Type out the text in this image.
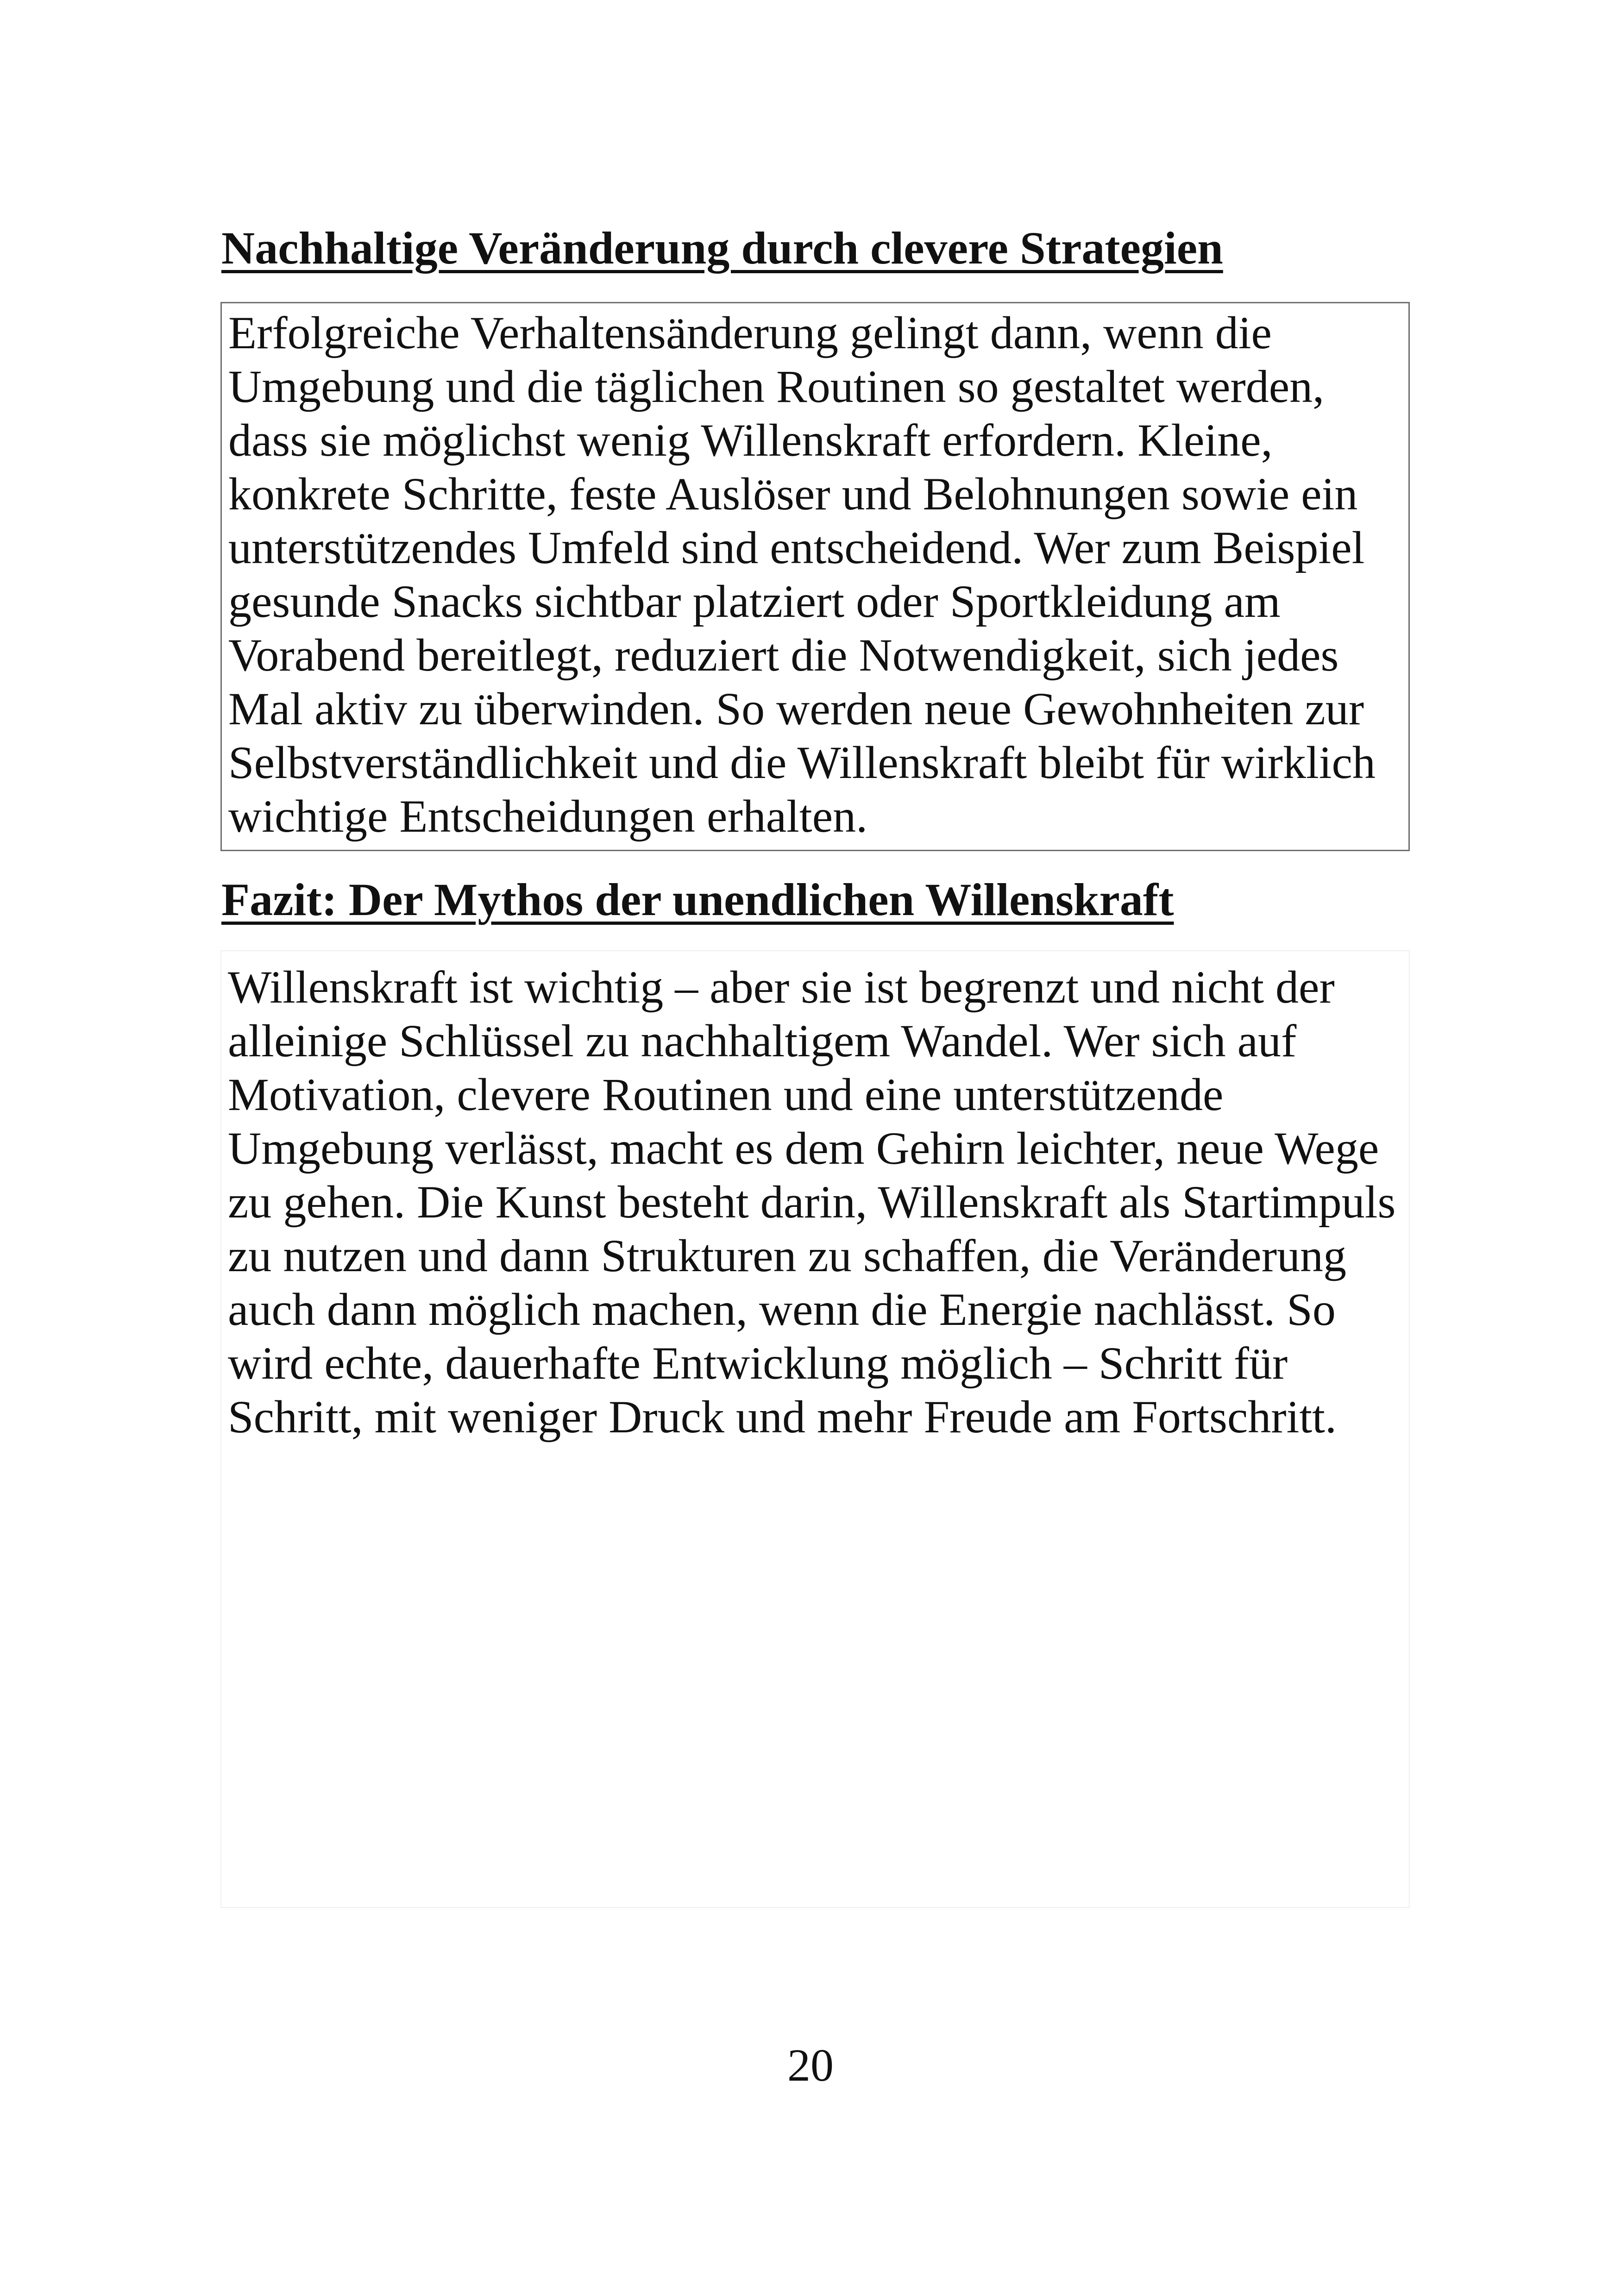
Nachhaltige Veränderung durch clevere Strategien

Erfolgreiche Verhaltensänderung gelingt dann, wenn die
Umgebung und die täglichen Routinen so gestaltet werden,
dass sie möglichst wenig Willenskraft erfordern. Kleine,
konkrete Schritte, feste Auslöser und Belohnungen sowie ein
unterstützendes Umfeld sind entscheidend. Wer zum Beispiel
gesunde Snacks sichtbar platziert oder Sportkleidung am
Vorabend bereitlegt, reduziert die Notwendigkeit, sich jedes
Mal aktiv zu überwinden. So werden neue Gewohnheiten zur
Selbstverständlichkeit und die Willenskraft bleibt für wirklich
wichtige Entscheidungen erhalten.

Fazit: Der Mythos der unendlichen Willenskraft

Willenskraft ist wichtig – aber sie ist begrenzt und nicht der
alleinige Schlüssel zu nachhaltigem Wandel. Wer sich auf
Motivation, clevere Routinen und eine unterstützende
Umgebung verlässt, macht es dem Gehirn leichter, neue Wege
zu gehen. Die Kunst besteht darin, Willenskraft als Startimpuls
zu nutzen und dann Strukturen zu schaffen, die Veränderung
auch dann möglich machen, wenn die Energie nachlässt. So
wird echte, dauerhafte Entwicklung möglich – Schritt für
Schritt, mit weniger Druck und mehr Freude am Fortschritt.

20
